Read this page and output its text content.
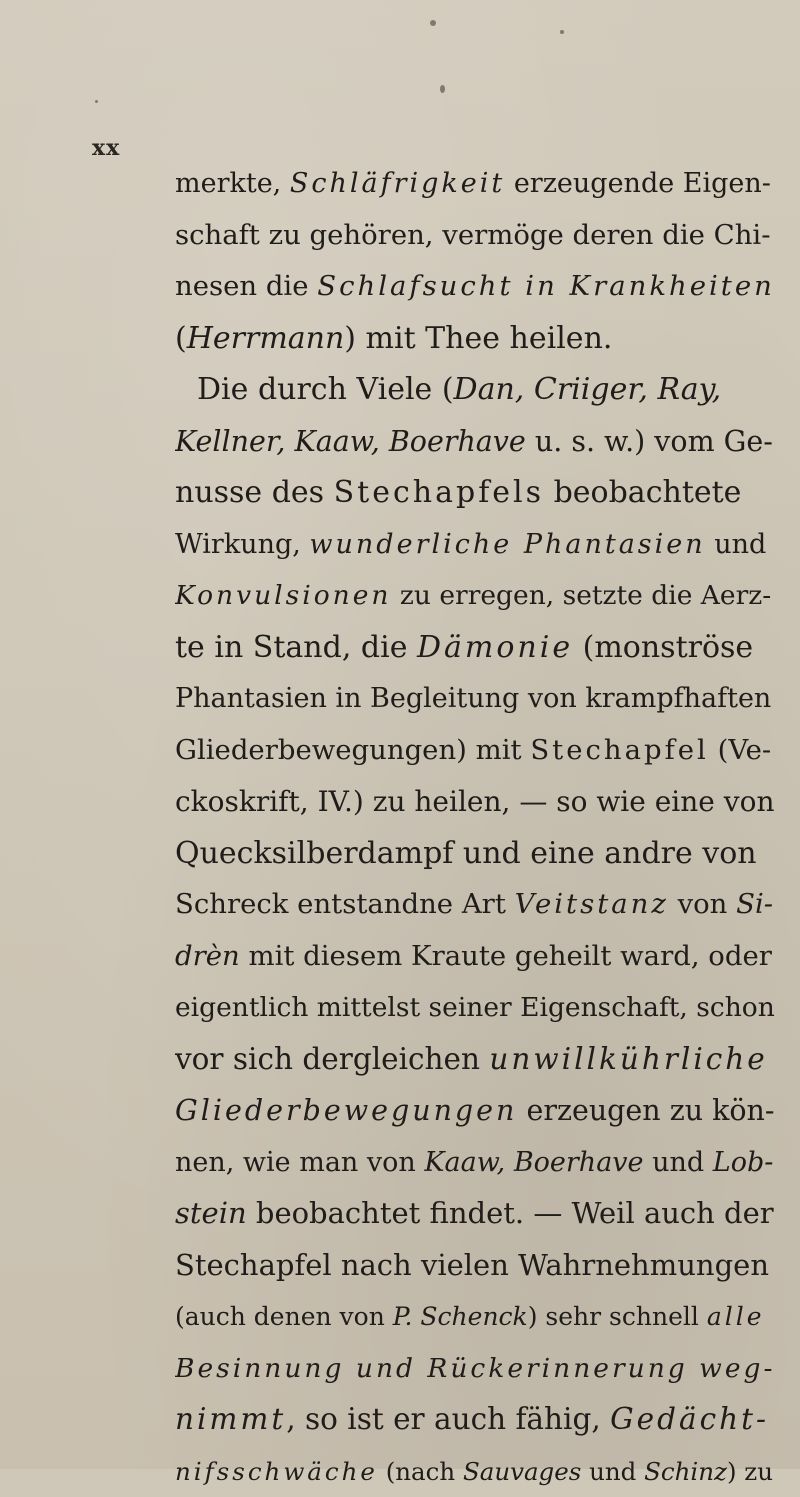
xx
merkte, Schläfrigkeit erzeugende Eigen-
schaft zu gehören, vermöge deren die Chi-
nesen die Schlafsucht in Krankheiten
(Herrmann) mit Thee heilen.
Die durch Viele (Dan, Criiger, Ray,
Kellner, Kaaw, Boerhave u. s. w.) vom Ge-
nusse des Stechapfels beobachtete
Wirkung, wunderliche Phantasien und
Konvulsionen zu erregen, setzte die Aerz-
te in Stand, die Dämonie (monströse
Phantasien in Begleitung von krampfhaften
Gliederbewegungen) mit Stechapfel (Ve-
ckoskrift, IV.) zu heilen, — so wie eine von
Quecksilberdampf und eine andre von
Schreck entstandne Art Veitstanz von Si-
drèn mit diesem Kraute geheilt ward, oder
eigentlich mittelst seiner Eigenschaft, schon
vor sich dergleichen unwillkührliche
Gliederbewegungen erzeugen zu kön-
nen, wie man von Kaaw, Boerhave und Lob-
stein beobachtet findet. — Weil auch der
Stechapfel nach vielen Wahrnehmungen
(auch denen von P. Schenck) sehr schnell alle
Besinnung und Rückerinnerung weg-
nimmt, so ist er auch fähig, Gedächt-
nifsschwäche (nach Sauvages und Schinz) zu
